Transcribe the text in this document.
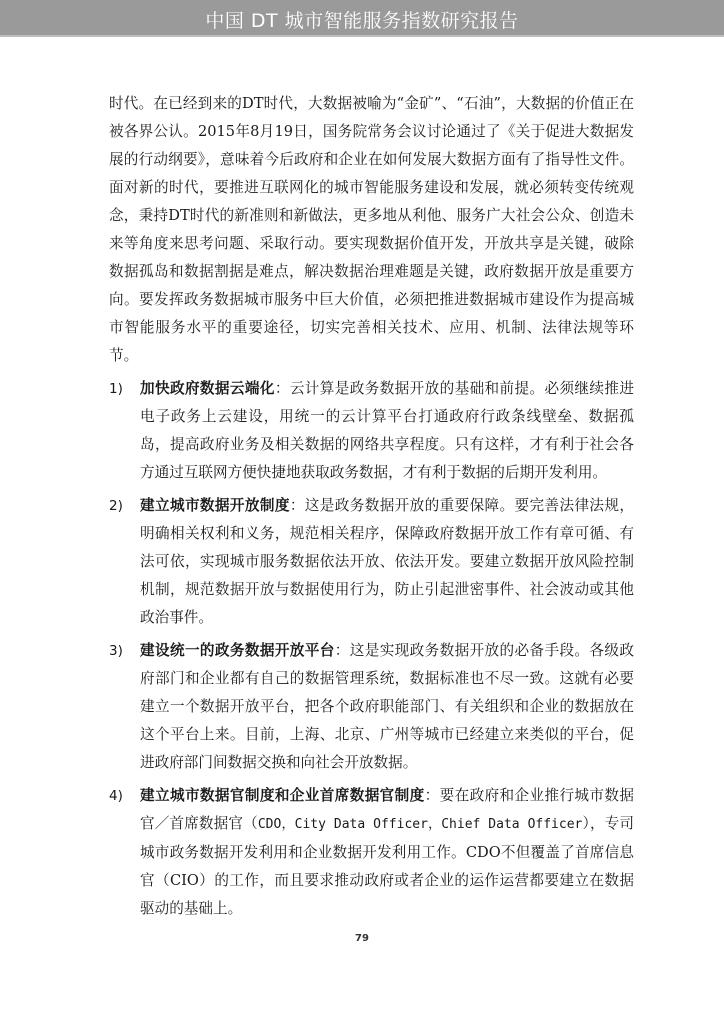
中国 DT 城市智能服务指数研究报告

时代。在已经到来的DT时代，大数据被喻为“金矿”、“石油”，大数据的价值正在被各界公认。2015年8月19日，国务院常务会议讨论通过了《关于促进大数据发展的行动纲要》，意味着今后政府和企业在如何发展大数据方面有了指导性文件。面对新的时代，要推进互联网化的城市智能服务建设和发展，就必须转变传统观念，秉持DT时代的新准则和新做法，更多地从利他、服务广大社会公众、创造未来等角度来思考问题、采取行动。要实现数据价值开发，开放共享是关键，破除数据孤岛和数据割据是难点，解决数据治理难题是关键，政府数据开放是重要方向。要发挥政务数据城市服务中巨大价值，必须把推进数据城市建设作为提高城市智能服务水平的重要途径，切实完善相关技术、应用、机制、法律法规等环节。

1) 加快政府数据云端化：云计算是政务数据开放的基础和前提。必须继续推进电子政务上云建设，用统一的云计算平台打通政府行政条线壁垒、数据孤岛，提高政府业务及相关数据的网络共享程度。只有这样，才有利于社会各方通过互联网方便快捷地获取政务数据，才有利于数据的后期开发利用。
2) 建立城市数据开放制度：这是政务数据开放的重要保障。要完善法律法规，明确相关权利和义务，规范相关程序，保障政府数据开放工作有章可循、有法可依，实现城市服务数据依法开放、依法开发。要建立数据开放风险控制机制，规范数据开放与数据使用行为，防止引起泄密事件、社会波动或其他政治事件。
3) 建设统一的政务数据开放平台：这是实现政务数据开放的必备手段。各级政府部门和企业都有自己的数据管理系统，数据标准也不尽一致。这就有必要建立一个数据开放平台，把各个政府职能部门、有关组织和企业的数据放在这个平台上来。目前，上海、北京、广州等城市已经建立来类似的平台，促进政府部门间数据交换和向社会开放数据。
4) 建立城市数据官制度和企业首席数据官制度：要在政府和企业推行城市数据官／首席数据官（CDO，City Data Officer，Chief Data Officer），专司城市政务数据开发利用和企业数据开发利用工作。CDO不但覆盖了首席信息官（CIO）的工作，而且要求推动政府或者企业的运作运营都要建立在数据驱动的基础上。
79
